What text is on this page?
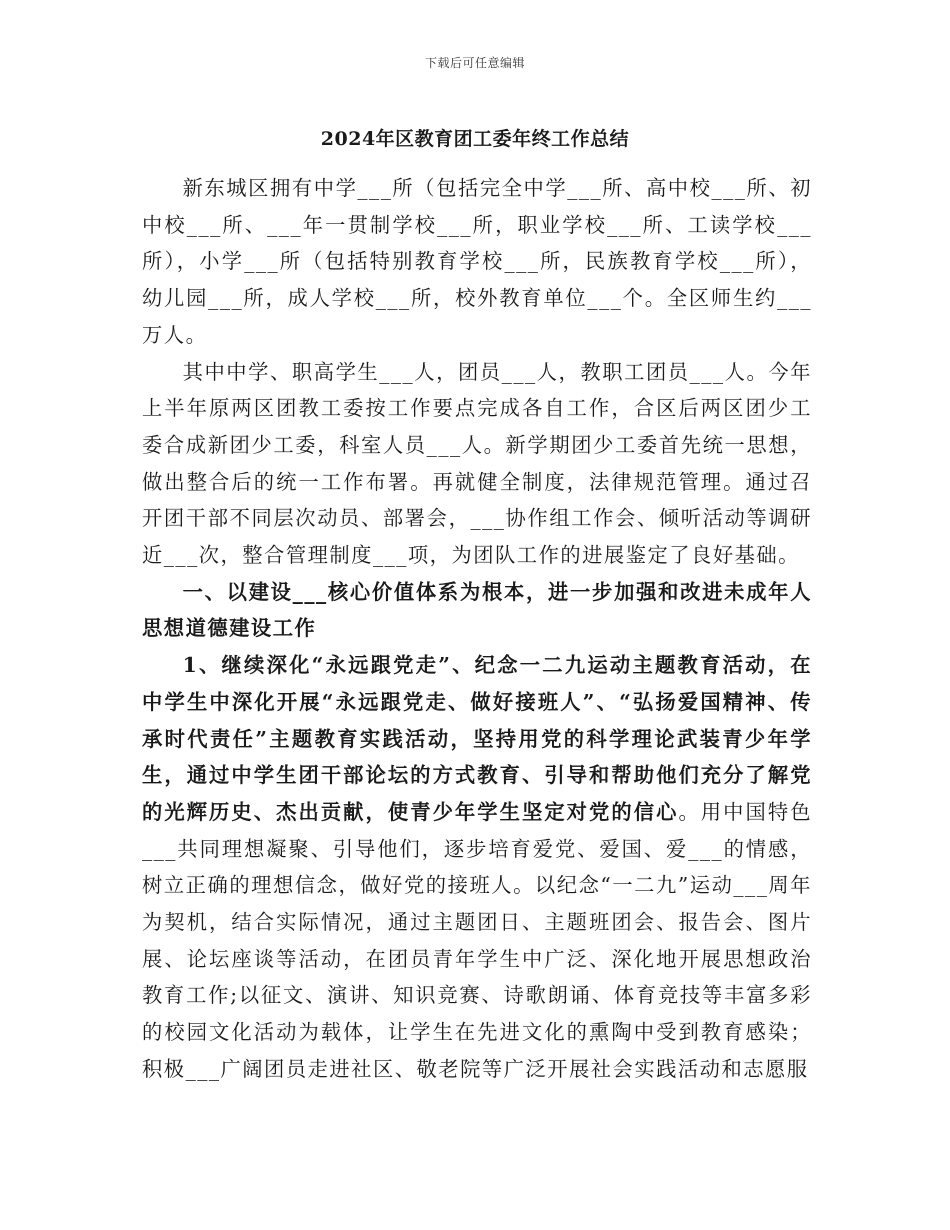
下载后可任意编辑
2024年区教育团工委年终工作总结

新东城区拥有中学___所（包括完全中学___所、高中校___所、初中校___所、___年一贯制学校___所，职业学校___所、工读学校___所），小学___所（包括特别教育学校___所，民族教育学校___所），幼儿园___所，成人学校___所，校外教育单位___个。全区师生约___万人。

其中中学、职高学生___人，团员___人，教职工团员___人。今年上半年原两区团教工委按工作要点完成各自工作，合区后两区团少工委合成新团少工委，科室人员___人。新学期团少工委首先统一思想，做出整合后的统一工作布署。再就健全制度，法律规范管理。通过召开团干部不同层次动员、部署会，___协作组工作会、倾听活动等调研近___次，整合管理制度___项，为团队工作的进展鉴定了良好基础。

一、以建设___核心价值体系为根本，进一步加强和改进未成年人思想道德建设工作

1、继续深化“永远跟党走”、纪念一二九运动主题教育活动，在中学生中深化开展“永远跟党走、做好接班人”、“弘扬爱国精神、传承时代责任”主题教育实践活动，坚持用党的科学理论武装青少年学生，通过中学生团干部论坛的方式教育、引导和帮助他们充分了解党的光辉历史、杰出贡献，使青少年学生坚定对党的信心。用中国特色___共同理想凝聚、引导他们，逐步培育爱党、爱国、爱___的情感，树立正确的理想信念，做好党的接班人。以纪念“一二九”运动___周年为契机，结合实际情况，通过主题团日、主题班团会、报告会、图片展、论坛座谈等活动，在团员青年学生中广泛、深化地开展思想政治教育工作;以征文、演讲、知识竞赛、诗歌朗诵、体育竞技等丰富多彩的校园文化活动为载体，让学生在先进文化的熏陶中受到教育感染；积极___广阔团员走进社区、敬老院等广泛开展社会实践活动和志愿服
